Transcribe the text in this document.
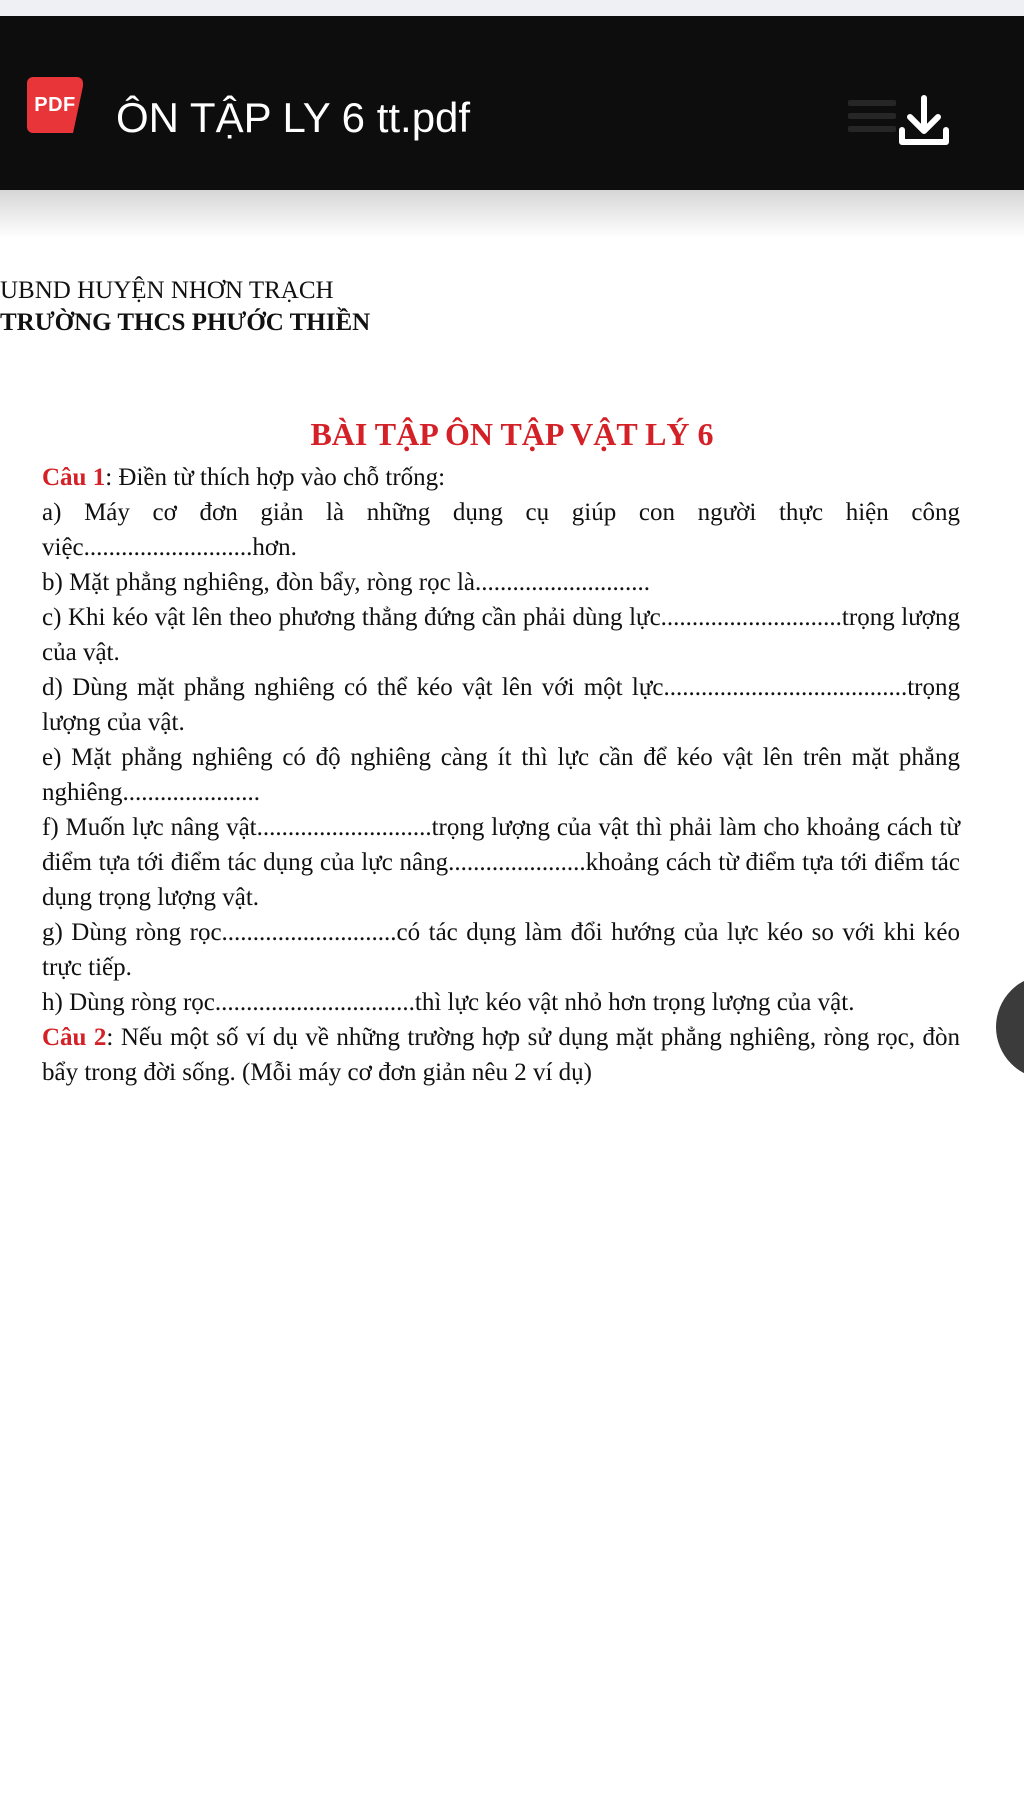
PDF ÔN TẬP LY 6 tt.pdf
UBND HUYỆN NHƠN TRẠCH
TRƯỜNG THCS PHƯỚC THIỀN
BÀI TẬP ÔN TẬP VẬT LÝ 6

Câu 1: Điền từ thích hợp vào chỗ trống:

a) Máy cơ đơn giản là những dụng cụ giúp con người thực hiện công việc...........................hơn.

b) Mặt phẳng nghiêng, đòn bẩy, ròng rọc là............................

c) Khi kéo vật lên theo phương thẳng đứng cần phải dùng lực.............................trọng lượng của vật.

d) Dùng mặt phẳng nghiêng có thể kéo vật lên với một lực.......................................trọng lượng của vật.

e) Mặt phẳng nghiêng có độ nghiêng càng ít thì lực cần để kéo vật lên trên mặt phẳng nghiêng......................

f) Muốn lực nâng vật............................trọng lượng của vật thì phải làm cho khoảng cách từ điểm tựa tới điểm tác dụng của lực nâng......................khoảng cách từ điểm tựa tới điểm tác dụng trọng lượng vật.

g) Dùng ròng rọc............................có tác dụng làm đổi hướng của lực kéo so với khi kéo trực tiếp.

h) Dùng ròng rọc................................thì lực kéo vật nhỏ hơn trọng lượng của vật.

Câu 2: Nếu một số ví dụ về những trường hợp sử dụng mặt phẳng nghiêng, ròng rọc, đòn bẩy trong đời sống. (Mỗi máy cơ đơn giản nêu 2 ví dụ)
